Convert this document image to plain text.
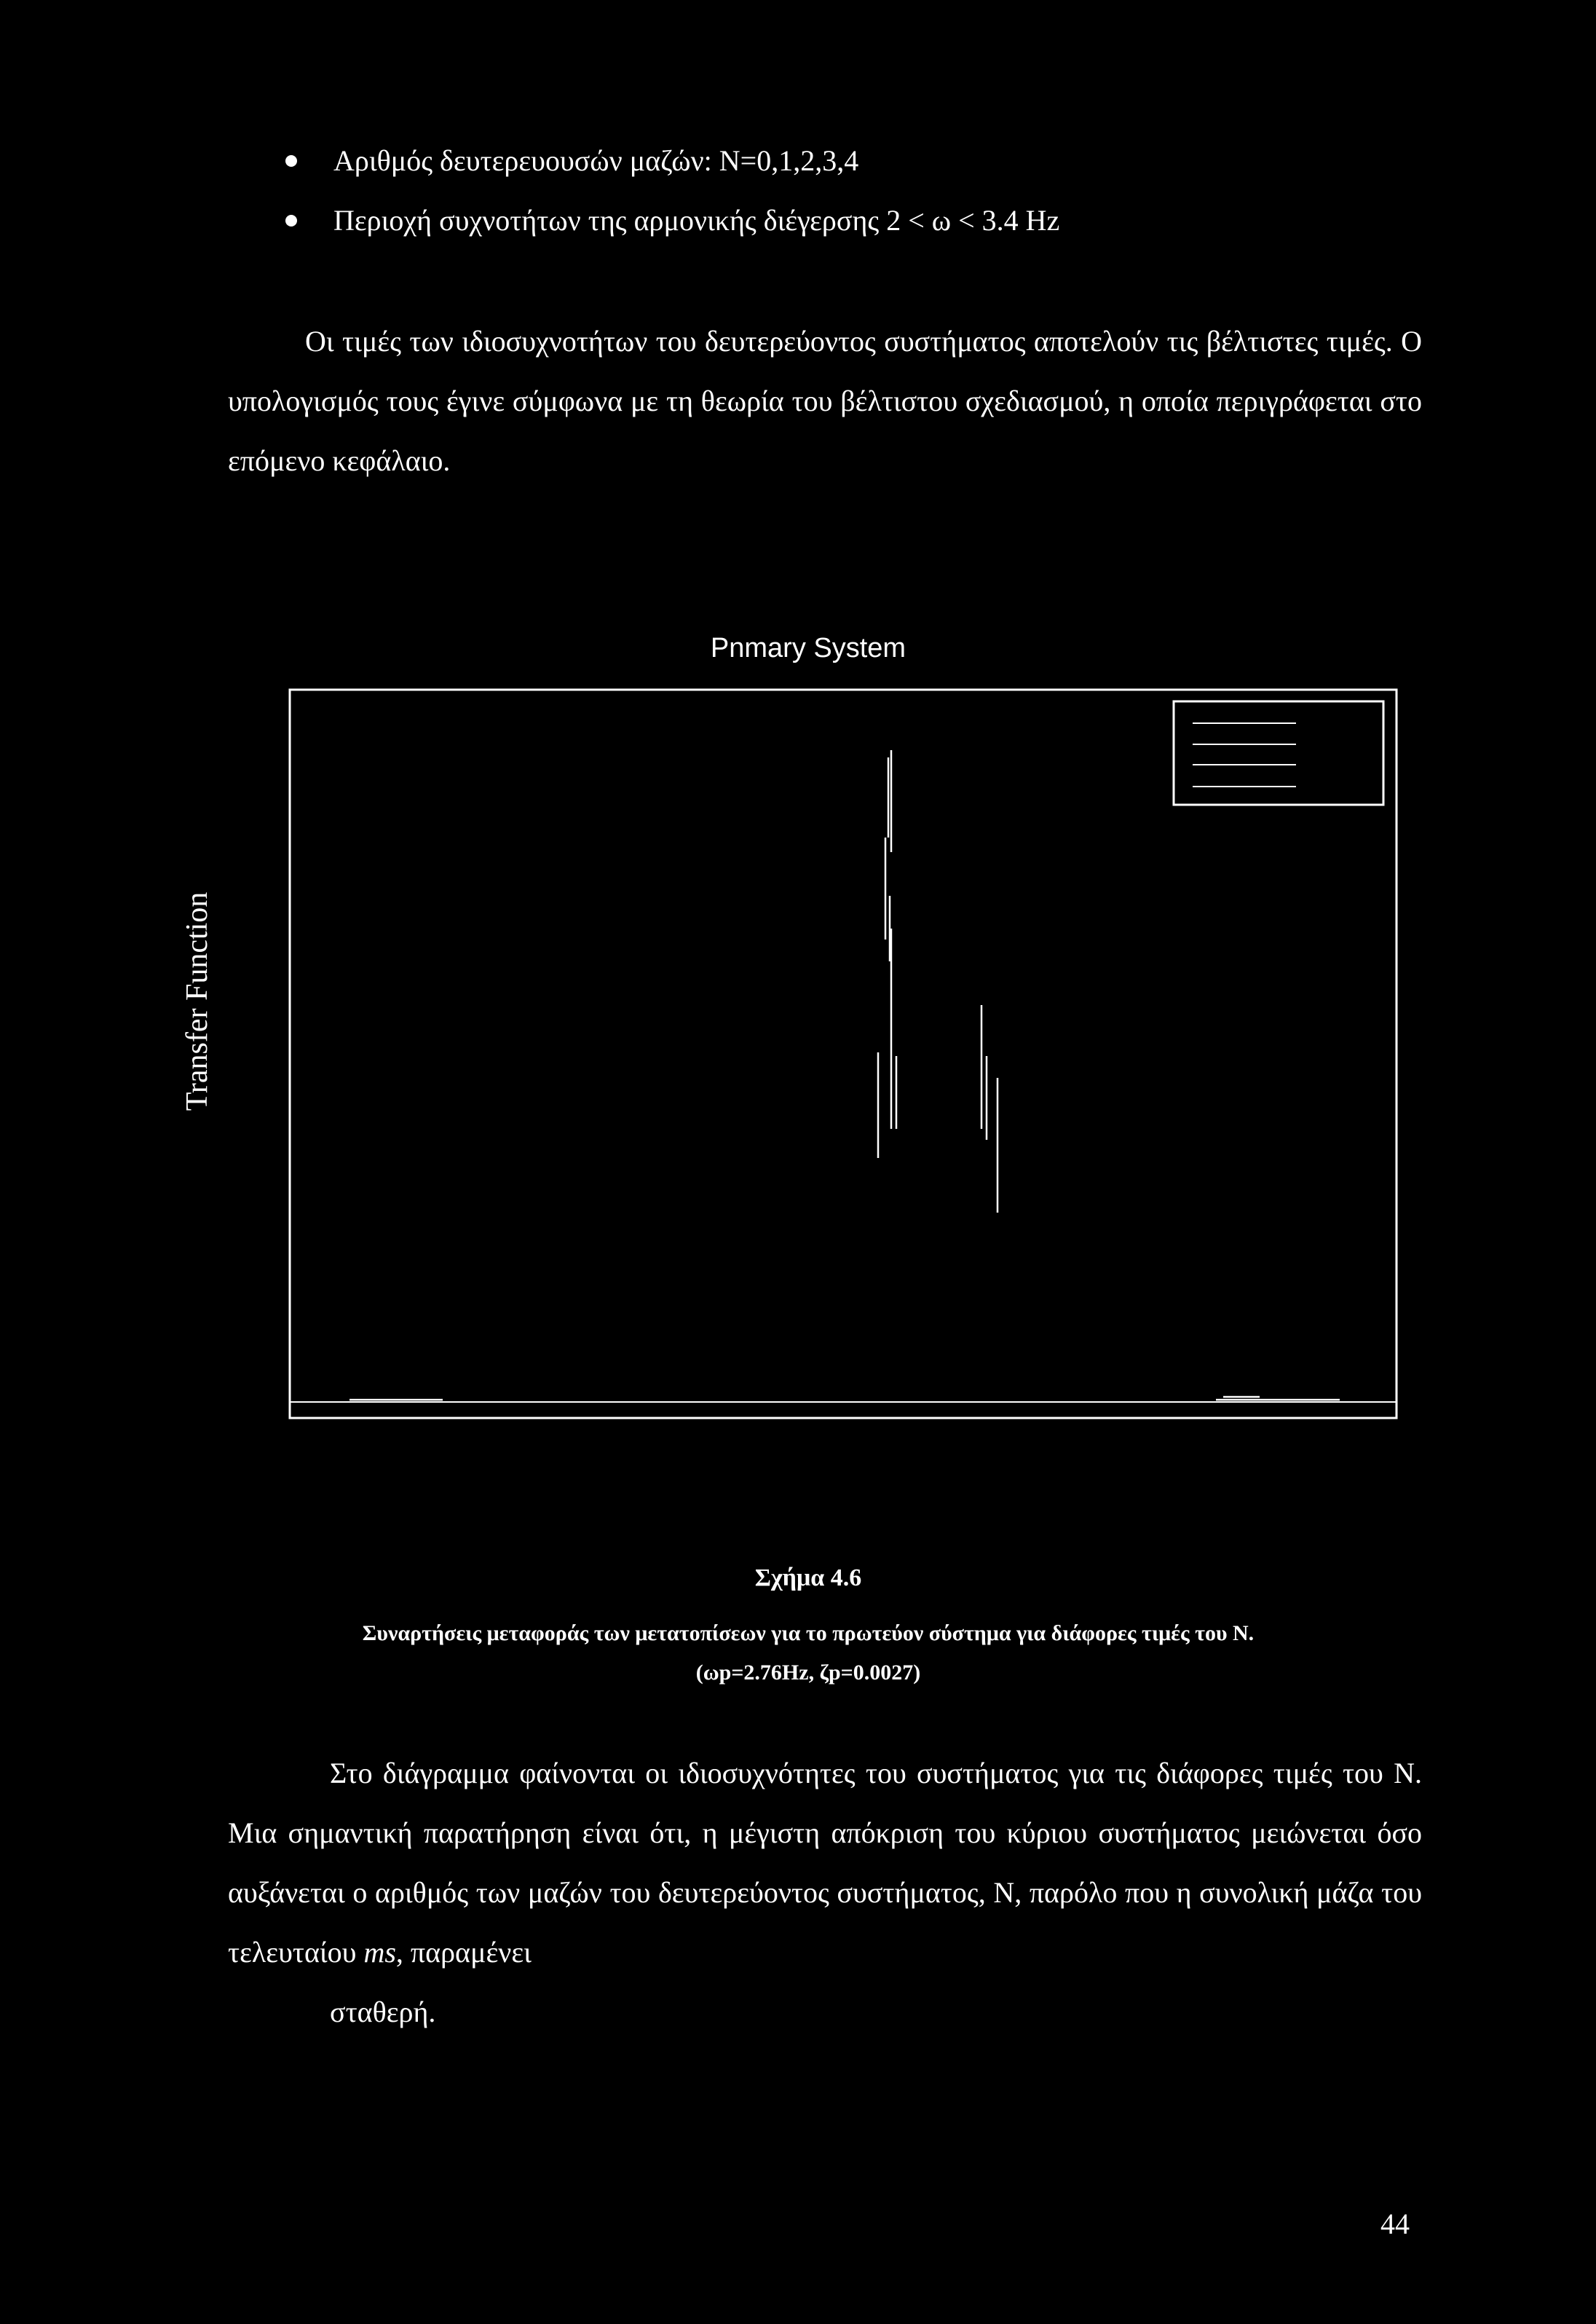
Αριθμός δευτερευουσών μαζών: N=0,1,2,3,4
Περιοχή συχνοτήτων της αρμονικής διέγερσης 2 < ω < 3.4 Hz

Οι τιμές των ιδιοσυχνοτήτων του δευτερεύοντος συστήματος αποτελούν τις βέλτιστες τιμές. Ο υπολογισμός τους έγινε σύμφωνα με τη θεωρία του βέλτιστου σχεδιασμού, η οποία περιγράφεται στο επόμενο κεφάλαιο.

Pnmary System
Transfer Function
Σχήμα 4.6
Συναρτήσεις μεταφοράς των μετατοπίσεων για το πρωτεύον σύστημα για διάφορες τιμές του Ν.
(ωp=2.76Hz, ζp=0.0027)

Στο διάγραμμα φαίνονται οι ιδιοσυχνότητες του συστήματος για τις διάφορες τιμές του Ν. Μια σημαντική παρατήρηση είναι ότι, η μέγιστη απόκριση του κύριου συστήματος μειώνεται όσο αυξάνεται ο αριθμός των μαζών του δευτερεύοντος συστήματος, Ν, παρόλο που η συνολική μάζα του τελευταίου ms, παραμένει

σταθερή.

44
